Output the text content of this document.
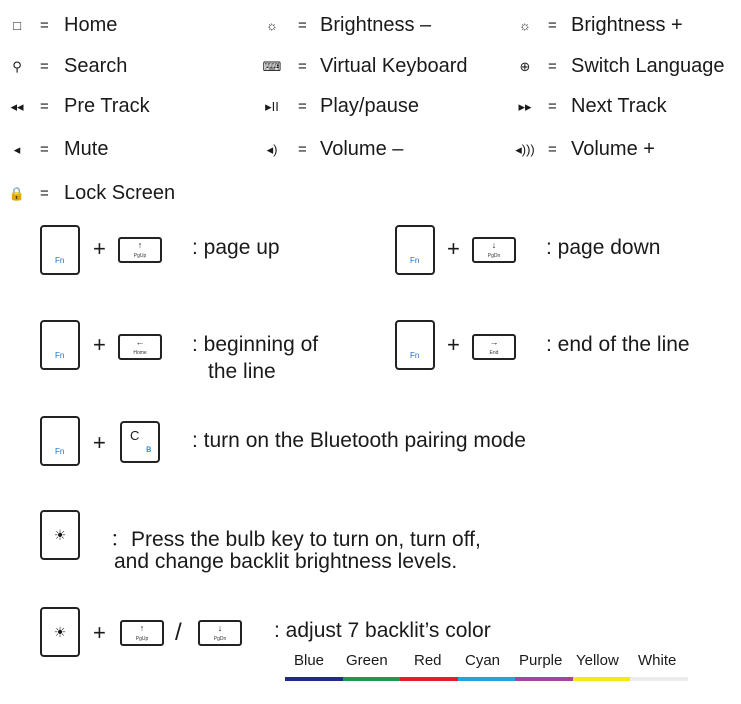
□	= Home	☼ = Brightness –	☼ = Brightness +
⚲	= Search	⌨ = Virtual Keyboard	⊕	= Switch Language
◂◂ = Pre Track	▸II = Play/pause	▸▸ = Next Track
◂	= Mute	◂)	= Volume –	◂))) = Volume +
🔒 = Lock Screen
Fn +	↑
PgUp	: page up
Fn +	↓
PgDn	: page down
Fn +	←
Home	: beginning of
the line
Fn +	→
End	: end of the line
Fn + C
ʙ : turn on the Bluetooth pairing mode
☀	：Press the bulb key to turn on, turn off,
and change backlit brightness levels.
☀	+	↑
PgUp	/	↓
PgDn	: adjust 7 backlit’s color
Blue Green Red Cyan Purple Yellow White
